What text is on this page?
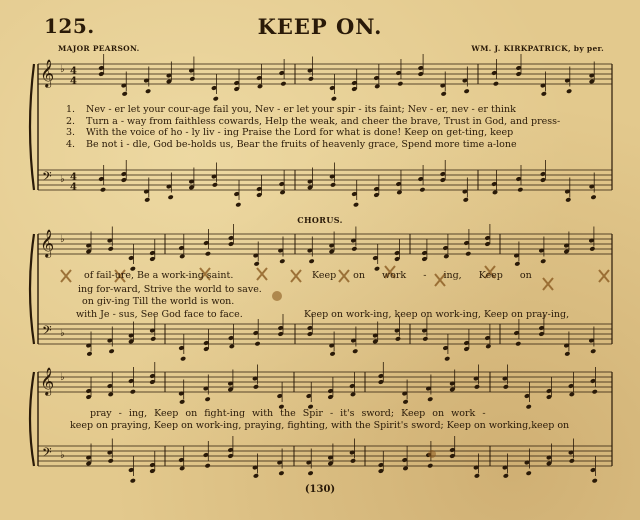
125.	KEEP ON.
MAJOR PEARSON.	WM. J. KIRKPATRICK, by per.
𝄞
𝄢
♭
♭
4
4
4
4
𝄞
𝄢
♭
♭
𝄞
𝄢
♭
♭
1. Nev - er let your cour-age fail you, Nev - er let your spir - its faint; Nev - er, nev - er think
2. Turn a - way from faithless cowards, Help the weak, and cheer the brave, Trust in God, and press-
3. With the voice of ho - ly liv - ing Praise the Lord for what is done! Keep on get-ting, keep
4. Be not i - dle, God be-holds us, Bear the fruits of heavenly grace, Spend more time a-lone
CHORUS.
of fail-ure, Be a work-ing saint.
ing for-ward, Strive the world to save.
on giv-ing Till the world is won.
with Je - sus, See God face to face.
Keep on work - ing, Keep on
Keep on work-ing, keep on work-ing, Keep on pray-ing,
pray - ing, Keep on fight-ing with the Spir - it's sword; Keep on work -
keep on praying, Keep on work-ing, praying, fighting, with the Spirit's sword; Keep on working,keep on
(130)
